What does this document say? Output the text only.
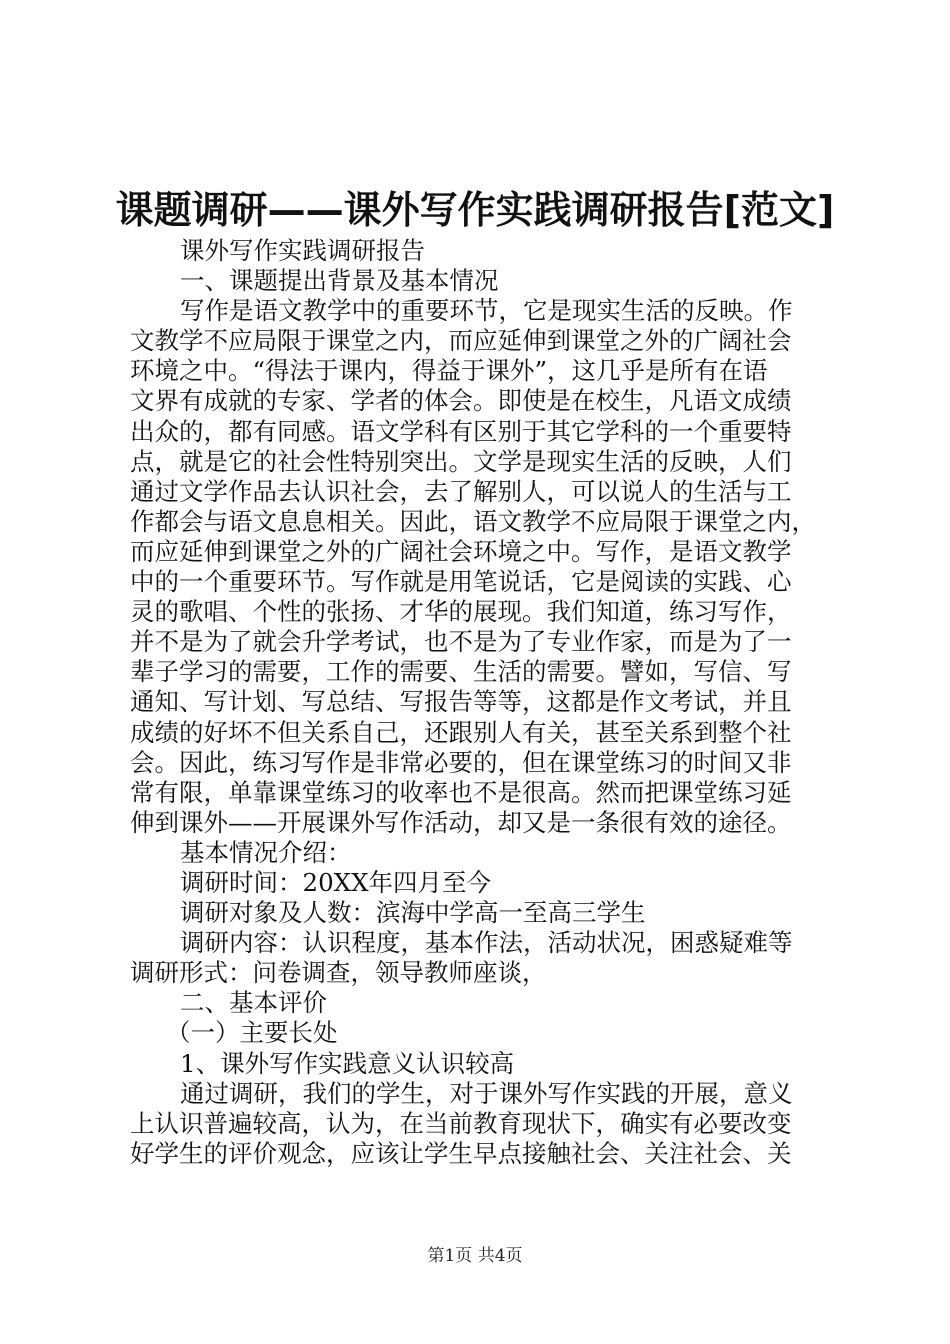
课题调研——课外写作实践调研报告[范文]
课外写作实践调研报告
一、课题提出背景及基本情况
写作是语文教学中的重要环节，它是现实生活的反映。作
文教学不应局限于课堂之内，而应延伸到课堂之外的广阔社会
环境之中。“得法于课内，得益于课外”，这几乎是所有在语
文界有成就的专家、学者的体会。即使是在校生，凡语文成绩
出众的，都有同感。语文学科有区别于其它学科的一个重要特
点，就是它的社会性特别突出。文学是现实生活的反映，人们
通过文学作品去认识社会，去了解别人，可以说人的生活与工
作都会与语文息息相关。因此，语文教学不应局限于课堂之内，
而应延伸到课堂之外的广阔社会环境之中。写作，是语文教学
中的一个重要环节。写作就是用笔说话，它是阅读的实践、心
灵的歌唱、个性的张扬、才华的展现。我们知道，练习写作，
并不是为了就会升学考试，也不是为了专业作家，而是为了一
辈子学习的需要，工作的需要、生活的需要。譬如，写信、写
通知、写计划、写总结、写报告等等，这都是作文考试，并且
成绩的好坏不但关系自己，还跟别人有关，甚至关系到整个社
会。因此，练习写作是非常必要的，但在课堂练习的时间又非
常有限，单靠课堂练习的收率也不是很高。然而把课堂练习延
伸到课外——开展课外写作活动，却又是一条很有效的途径。
基本情况介绍：
调研时间：20XX年四月至今
调研对象及人数：滨海中学高一至高三学生
调研内容：认识程度，基本作法，活动状况，困惑疑难等
调研形式：问卷调查，领导教师座谈，
二、基本评价
（一）主要长处
1、课外写作实践意义认识较高
通过调研，我们的学生，对于课外写作实践的开展，意义
上认识普遍较高，认为，在当前教育现状下，确实有必要改变
好学生的评价观念，应该让学生早点接触社会、关注社会、关
第1页 共4页
